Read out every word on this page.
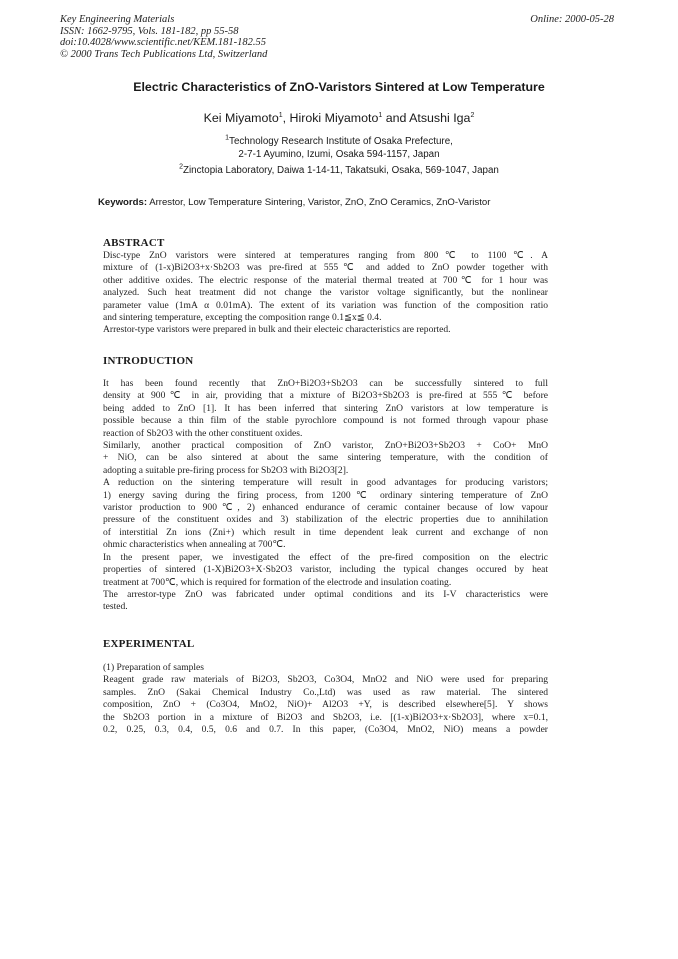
Key Engineering Materials
ISSN: 1662-9795, Vols. 181-182, pp 55-58
doi:10.4028/www.scientific.net/KEM.181-182.55
© 2000 Trans Tech Publications Ltd, Switzerland
Online: 2000-05-28
Electric Characteristics of ZnO-Varistors Sintered at Low Temperature
Kei Miyamoto$^1$, Hiroki Miyamoto$^1$ and Atsushi Iga$^2$
$^1$Technology Research Institute of Osaka Prefecture,
2-7-1 Ayumino, Izumi, Osaka 594-1157, Japan
$^2$Zinctopia Laboratory, Daiwa 1-14-11, Takatsuki, Osaka, 569-1047, Japan
Keywords: Arrestor, Low Temperature Sintering, Varistor, ZnO, ZnO Ceramics, ZnO-Varistor
ABSTRACT
Disc-type ZnO varistors were sintered at temperatures ranging from 800℃ to 1100℃. A
mixture of (1-x)Bi2O3+x·Sb2O3 was pre-fired at 555℃ and added to ZnO powder together with
other additive oxides. The electric response of the material thermal treated at 700℃ for 1 hour was
analyzed. Such heat treatment did not change the varistor voltage significantly, but the nonlinear
parameter value (1mA α 0.01mA). The extent of its variation was function of the composition ratio
and sintering temperature, excepting the composition range 0.1≦x≦ 0.4.
Arrestor-type varistors were prepared in bulk and their electeic characteristics are reported.
INTRODUCTION
It has been found recently that ZnO+Bi2O3+Sb2O3 can be successfully sintered to full
density at 900℃ in air, providing that a mixture of Bi2O3+Sb2O3 is pre-fired at 555℃ before
being added to ZnO [1]. It has been inferred that sintering ZnO varistors at low temperature is
possible because a thin film of the stable pyrochlore compound is not formed through vapour phase
reaction of Sb2O3 with the other constituent oxides.
Similarly, another practical composition of ZnO varistor, ZnO+Bi2O3+Sb2O3 + CoO+ MnO
+ NiO, can be also sintered at about the same sintering temperature, with the condition of
adopting a suitable pre-firing process for Sb2O3 with Bi2O3[2].
A reduction on the sintering temperature will result in good advantages for producing varistors;
1) energy saving during the firing process, from 1200℃ ordinary sintering temperature of ZnO
varistor production to 900℃, 2) enhanced endurance of ceramic container because of low vapour
pressure of the constituent oxides and 3) stabilization of the electric properties due to annihilation
of interstitial Zn ions (Zni+) which result in time dependent leak current and exchange of non
ohmic characteristics when annealing at 700℃.
In the present paper, we investigated the effect of the pre-fired composition on the electric
properties of sintered (1-X)Bi2O3+X·Sb2O3 varistor, including the typical changes occured by heat
treatment at 700℃, which is required for formation of the electrode and insulation coating.
The arrestor-type ZnO was fabricated under optimal conditions and its I-V characteristics were
tested.
EXPERIMENTAL
(1) Preparation of samples
Reagent grade raw materials of Bi2O3, Sb2O3, Co3O4, MnO2 and NiO were used for preparing
samples. ZnO (Sakai Chemical Industry Co.,Ltd) was used as raw material. The sintered
composition, ZnO + (Co3O4, MnO2, NiO)+ Al2O3 +Y, is described elsewhere[5]. Y shows
the Sb2O3 portion in a mixture of Bi2O3 and Sb2O3, i.e. [(1-x)Bi2O3+x·Sb2O3], where x=0.1,
0.2, 0.25, 0.3, 0.4, 0.5, 0.6 and 0.7. In this paper, (Co3O4, MnO2, NiO) means a powder
